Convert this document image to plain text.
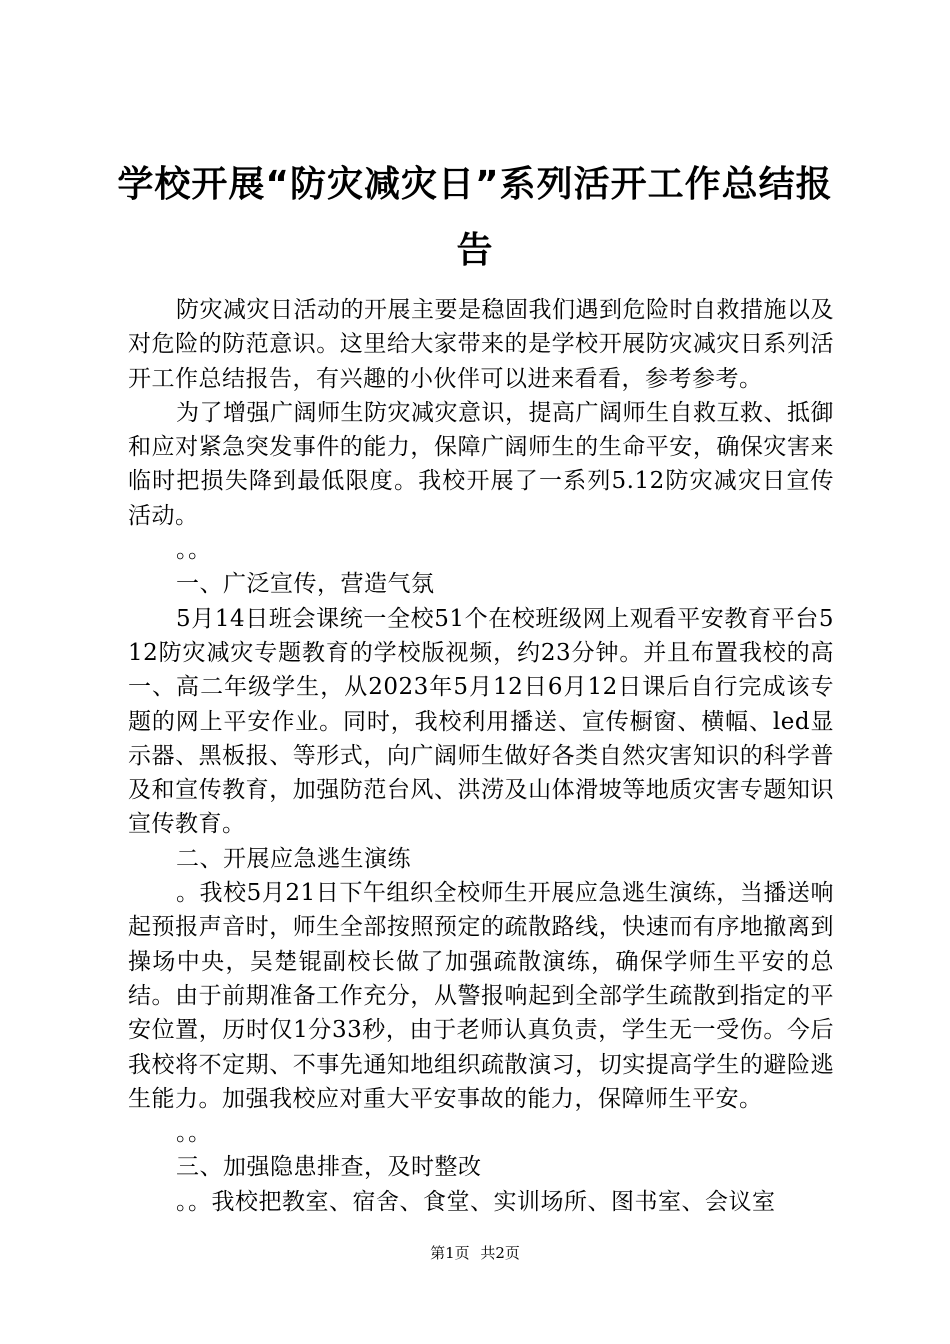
学校开展“防灾减灾日”系列活开工作总结报告

防灾减灾日活动的开展主要是稳固我们遇到危险时自救措施以及对危险的防范意识。这里给大家带来的是学校开展防灾减灾日系列活开工作总结报告，有兴趣的小伙伴可以进来看看，参考参考。

为了增强广阔师生防灾减灾意识，提高广阔师生自救互救、抵御和应对紧急突发事件的能力，保障广阔师生的生命平安，确保灾害来临时把损失降到最低限度。我校开展了一系列5.12防灾减灾日宣传活动。

。。

一、广泛宣传，营造气氛

5月14日班会课统一全校51个在校班级网上观看平安教育平台512防灾减灾专题教育的学校版视频，约23分钟。并且布置我校的高一、高二年级学生，从2023年5月12日6月12日课后自行完成该专题的网上平安作业。同时，我校利用播送、宣传橱窗、横幅、led显示器、黑板报、等形式，向广阔师生做好各类自然灾害知识的科学普及和宣传教育，加强防范台风、洪涝及山体滑坡等地质灾害专题知识宣传教育。

二、开展应急逃生演练

。我校5月21日下午组织全校师生开展应急逃生演练，当播送响起预报声音时，师生全部按照预定的疏散路线，快速而有序地撤离到操场中央，吴楚锟副校长做了加强疏散演练，确保学师生平安的总结。由于前期准备工作充分，从警报响起到全部学生疏散到指定的平安位置，历时仅1分33秒，由于老师认真负责，学生无一受伤。今后我校将不定期、不事先通知地组织疏散演习，切实提高学生的避险逃生能力。加强我校应对重大平安事故的能力，保障师生平安。

。。

三、加强隐患排查，及时整改

。。我校把教室、宿舍、食堂、实训场所、图书室、会议室

第1页 共2页
